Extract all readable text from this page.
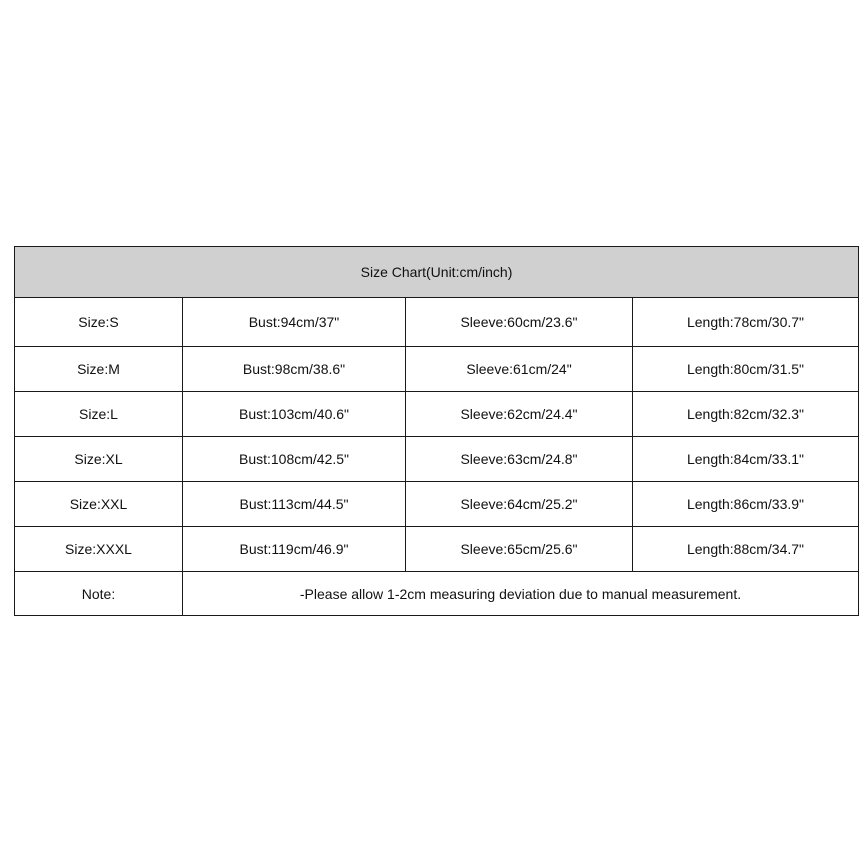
Size Chart(Unit:cm/inch)			
Size:S	Bust:94cm/37"	Sleeve:60cm/23.6"	Length:78cm/30.7"
Size:M	Bust:98cm/38.6"	Sleeve:61cm/24"	Length:80cm/31.5"
Size:L	Bust:103cm/40.6"	Sleeve:62cm/24.4"	Length:82cm/32.3"
Size:XL	Bust:108cm/42.5"	Sleeve:63cm/24.8"	Length:84cm/33.1"
Size:XXL	Bust:113cm/44.5"	Sleeve:64cm/25.2"	Length:86cm/33.9"
Size:XXXL	Bust:119cm/46.9"	Sleeve:65cm/25.6"	Length:88cm/34.7"
Note:	-Please allow 1-2cm measuring deviation due to manual measurement.		
